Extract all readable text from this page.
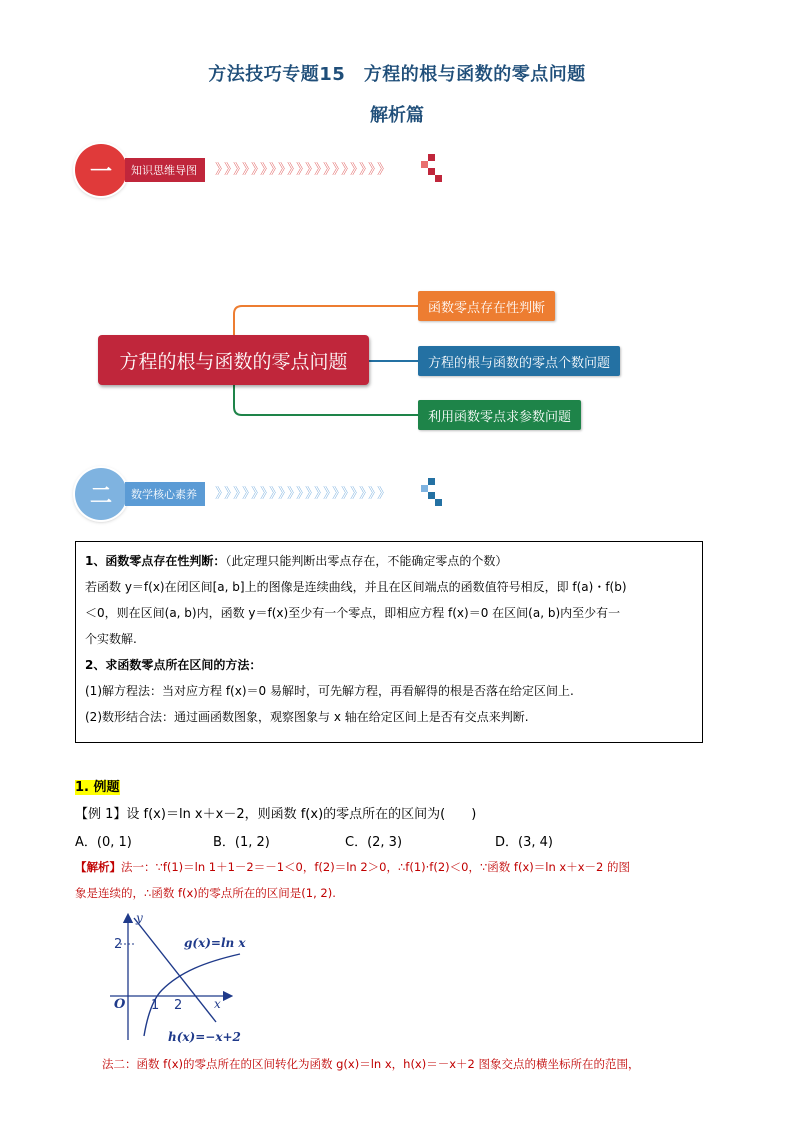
方法技巧专题15　方程的根与函数的零点问题
解析篇
一	知识思维导图	》》》》》》》》》》》》》》》》》》》
方程的根与函数的零点问题
函数零点存在性判断
方程的根与函数的零点个数问题
利用函数零点求参数问题
二	数学核心素养	》》》》》》》》》》》》》》》》》》》

1、函数零点存在性判断：（此定理只能判断出零点存在，不能确定零点的个数）

若函数 y＝f(x)在闭区间[a, b]上的图像是连续曲线，并且在区间端点的函数值符号相反，即 f(a)・f(b)

＜0，则在区间(a, b)内，函数 y＝f(x)至少有一个零点，即相应方程 f(x)＝0 在区间(a, b)内至少有一

个实数解.

2、求函数零点所在区间的方法：

(1)解方程法：当对应方程 f(x)＝0 易解时，可先解方程，再看解得的根是否落在给定区间上.

(2)数形结合法：通过画函数图象，观察图象与 x 轴在给定区间上是否有交点来判断.

1. 例题
【例 1】设 f(x)＝ln x＋x－2，则函数 f(x)的零点所在的区间为(　　)
A．(0, 1)	B．(1, 2)	C．(2, 3)	D．(3, 4)
【解析】法一：∵f(1)＝ln 1＋1－2＝－1＜0，f(2)＝ln 2＞0，∴f(1)·f(2)＜0，∵函数 f(x)＝ln x＋x－2 的图
象是连续的，∴函数 f(x)的零点所在的区间是(1, 2).
y
x
O
2
1 2
g(x)=ln x
h(x)=−x+2
法二：函数 f(x)的零点所在的区间转化为函数 g(x)＝ln x，h(x)＝－x＋2 图象交点的横坐标所在的范围，
